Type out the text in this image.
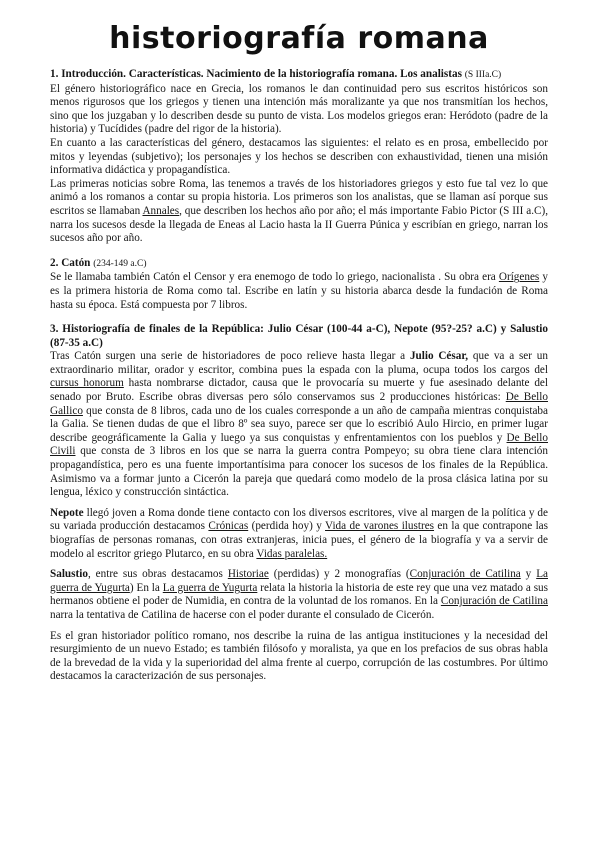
historiografía romana
1. Introducción. Características. Nacimiento de la historiografía romana. Los analistas (S IIIa.C)

El género historiográfico nace en Grecia, los romanos le dan continuidad pero sus escritos históricos son menos rigurosos que los griegos y tienen una intención más moralizante ya que nos transmitían los hechos, sino que los juzgaban y lo describen desde su punto de vista. Los modelos griegos eran: Heródoto (padre de la historia) y Tucídides (padre del rigor de la historia).

En cuanto a las características del género, destacamos las siguientes: el relato es en prosa, embellecido por mitos y leyendas (subjetivo); los personajes y los hechos se describen con exhaustividad, tienen una misión informativa didáctica y propagandística.

Las primeras noticias sobre Roma, las tenemos a través de los historiadores griegos y esto fue tal vez lo que animó a los romanos a contar su propia historia. Los primeros son los analistas, que se llaman así porque sus escritos se llamaban Annales, que describen los hechos año por año; el más importante Fabio Pictor (S III a.C), narra los sucesos desde la llegada de Eneas al Lacio hasta la II Guerra Púnica y escribían en griego, narran los sucesos año por año.

2. Catón (234-149 a.C)

Se le llamaba también Catón el Censor y era enemogo de todo lo griego, nacionalista . Su obra era Orígenes y es la primera historia de Roma como tal. Escribe en latín y su historia abarca desde la fundación de Roma hasta su época. Está compuesta por 7 libros.

3. Historiografía de finales de la República: Julio César (100-44 a-C), Nepote (95?-25? a.C) y Salustio (87-35 a.C)

Tras Catón surgen una serie de historiadores de poco relieve hasta llegar a Julio César, que va a ser un extraordinario militar, orador y escritor, combina pues la espada con la pluma, ocupa todos los cargos del cursus honorum hasta nombrarse dictador, causa que le provocaría su muerte y fue asesinado delante del senado por Bruto. Escribe obras diversas pero sólo conservamos sus 2 producciones históricas: De Bello Gallico que consta de 8 libros, cada uno de los cuales corresponde a un año de campaña mientras conquistaba la Galia. Se tienen dudas de que el libro 8º sea suyo, parece ser que lo escribió Aulo Hircio, en primer lugar describe geográficamente la Galia y luego ya sus conquistas y enfrentamientos con los pueblos y De Bello Civili que consta de 3 libros en los que se narra la guerra contra Pompeyo; su obra tiene clara intención propagandística, pero es una fuente importantísima para conocer los sucesos de los finales de la República. Asimismo va a formar junto a Cicerón la pareja que quedará como modelo de la prosa clásica latina por su lengua, léxico y construcción sintáctica.

Nepote llegó joven a Roma donde tiene contacto con los diversos escritores, vive al margen de la política y de su variada producción destacamos Crónicas (perdida hoy) y Vida de varones ilustres en la que contrapone las biografías de personas romanas, con otras extranjeras, inicia pues, el género de la biografía y va a servir de modelo al escritor griego Plutarco, en su obra Vidas paralelas.

Salustio, entre sus obras destacamos Historiae (perdidas) y 2 monografías (Conjuración de Catilina y La guerra de Yugurta) En la La guerra de Yugurta relata la historia la historia de este rey que una vez matado a sus hermanos obtiene el poder de Numidia, en contra de la voluntad de los romanos. En la Conjuración de Catilina narra la tentativa de Catilina de hacerse con el poder durante el consulado de Cicerón.

Es el gran historiador político romano, nos describe la ruina de las antigua instituciones y la necesidad del resurgimiento de un nuevo Estado; es también filósofo y moralista, ya que en los prefacios de sus obras habla de la brevedad de la vida y la superioridad del alma frente al cuerpo, corrupción de las costumbres. Por último destacamos la caracterización de sus personajes.
